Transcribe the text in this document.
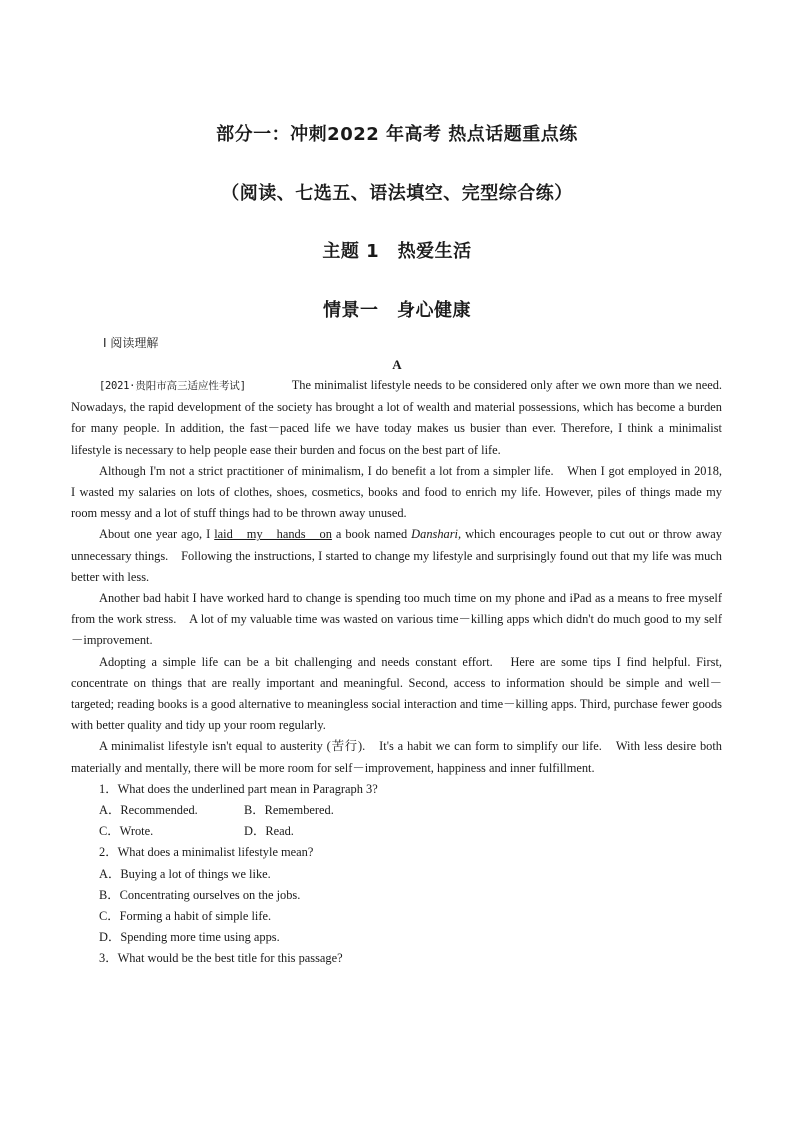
部分一：冲刺2022 年高考 热点话题重点练
（阅读、七选五、语法填空、完型综合练）
主题 1　热爱生活
情景一　身心健康
Ⅰ 阅读理解
A

[2021·贵阳市高三适应性考试]	The minimalist lifestyle needs to be considered only after we own more than we need.　Nowadays, the rapid development of the society has brought a lot of wealth and material possessions, which has become a burden for many people. In addition, the fast－paced life we have today makes us busier than ever. Therefore, I think a minimalist lifestyle is necessary to help people ease their burden and focus on the best part of life.

Although I'm not a strict practitioner of minimalism, I do benefit a lot from a simpler life.　When I got employed in 2018,　I wasted my salaries on lots of clothes, shoes, cosmetics, books and food to enrich my life. However, piles of things made my room messy and a lot of stuff things had to be thrown away unused.

About one year ago, I laid my hands on a book named Danshari, which encourages people to cut out or throw away unnecessary things.　Following the instructions, I started to change my lifestyle and surprisingly found out that my life was much better with less.

Another bad habit I have worked hard to change is spending too much time on my phone and iPad as a means to free myself from the work stress.　A lot of my valuable time was wasted on various time－killing apps which didn't do much good to my self－improvement.

Adopting a simple life can be a bit challenging and needs constant effort.　Here are some tips I find helpful. First, concentrate on things that are really important and meaningful. Second, access to information should be simple and well－targeted; reading books is a good alternative to meaningless social interaction and time－killing apps. Third, purchase fewer goods with better quality and tidy up your room regularly.

A minimalist lifestyle isn't equal to austerity (苦行).　It's a habit we can form to simplify our life.　With less desire both materially and mentally, there will be more room for self－improvement, happiness and inner fulfillment.

1．What does the underlined part mean in Paragraph 3?
A．Recommended.	B．Remembered.
C．Wrote.	D．Read.
2．What does a minimalist lifestyle mean?
A．Buying a lot of things we like.
B．Concentrating ourselves on the jobs.
C．Forming a habit of simple life.
D．Spending more time using apps.
3．What would be the best title for this passage?
